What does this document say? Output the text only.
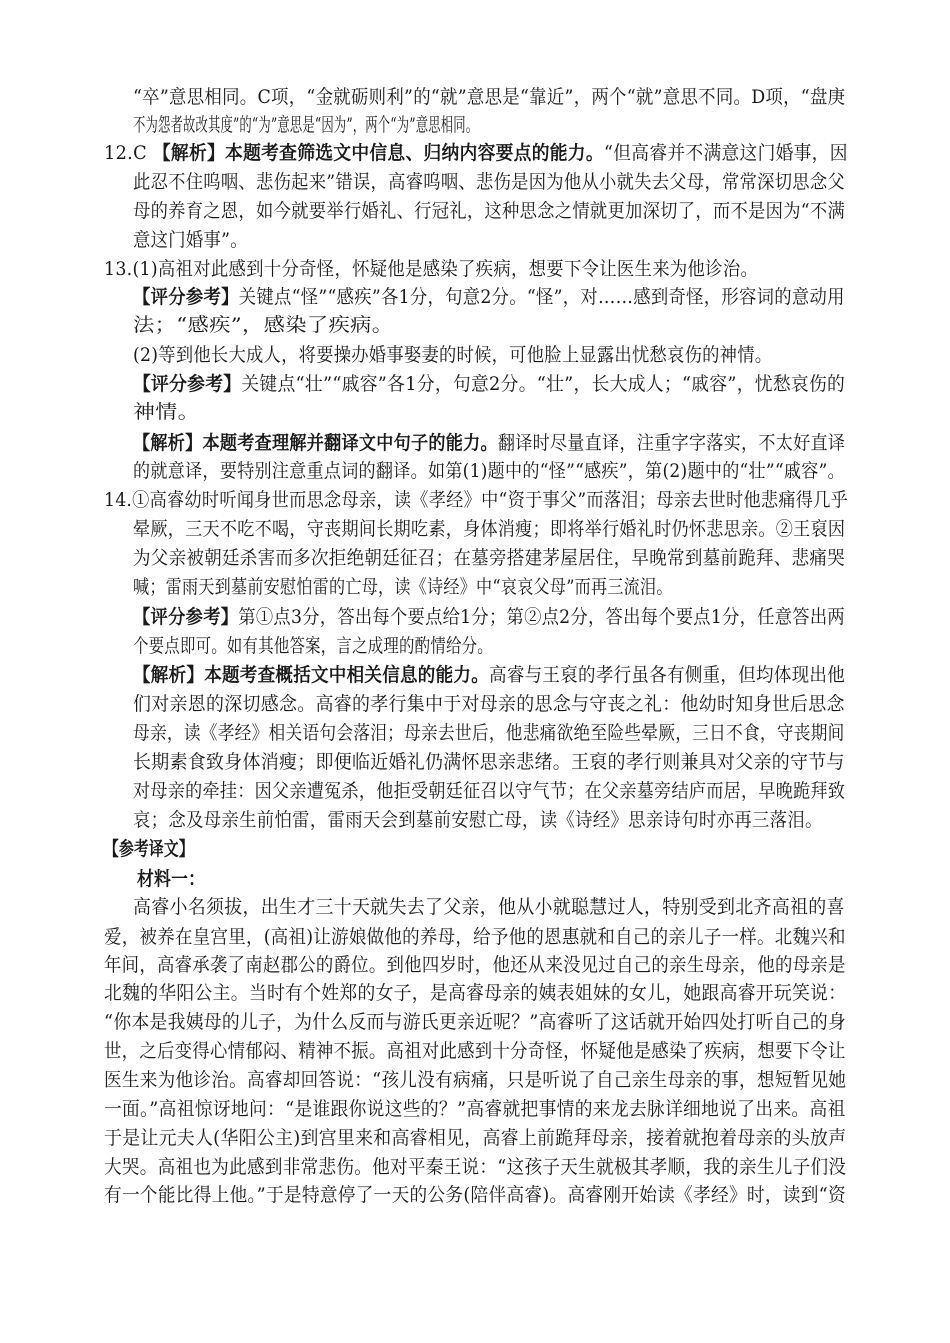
“卒”意思相同。C项，“金就砺则利”的“就”意思是“靠近”，两个“就”意思不同。D项，“盘庚
不为怨者故改其度”的“为”意思是“因为”，两个“为”意思相同。
12.C 【解析】本题考查筛选文中信息、归纳内容要点的能力。“但高睿并不满意这门婚事，因
此忍不住呜咽、悲伤起来”错误，高睿呜咽、悲伤是因为他从小就失去父母，常常深切思念父
母的养育之恩，如今就要举行婚礼、行冠礼，这种思念之情就更加深切了，而不是因为“不满
意这门婚事”。
13.(1)高祖对此感到十分奇怪，怀疑他是感染了疾病，想要下令让医生来为他诊治。
【评分参考】关键点“怪”“感疾”各1分，句意2分。“怪”，对……感到奇怪，形容词的意动用
法；“感疾”，感染了疾病。
(2)等到他长大成人，将要操办婚事娶妻的时候，可他脸上显露出忧愁哀伤的神情。
【评分参考】关键点“壮”“戚容”各1分，句意2分。“壮”，长大成人；“戚容”，忧愁哀伤的
神情。
【解析】本题考查理解并翻译文中句子的能力。翻译时尽量直译，注重字字落实，不太好直译
的就意译，要特别注意重点词的翻译。如第(1)题中的“怪”“感疾”，第(2)题中的“壮”“戚容”。
14.①高睿幼时听闻身世而思念母亲，读《孝经》中“资于事父”而落泪；母亲去世时他悲痛得几乎
晕厥，三天不吃不喝，守丧期间长期吃素，身体消瘦；即将举行婚礼时仍怀悲思亲。②王裒因
为父亲被朝廷杀害而多次拒绝朝廷征召；在墓旁搭建茅屋居住，早晚常到墓前跪拜、悲痛哭
喊；雷雨天到墓前安慰怕雷的亡母，读《诗经》中“哀哀父母”而再三流泪。
【评分参考】第①点3分，答出每个要点给1分；第②点2分，答出每个要点1分，任意答出两
个要点即可。如有其他答案，言之成理的酌情给分。
【解析】本题考查概括文中相关信息的能力。高睿与王裒的孝行虽各有侧重，但均体现出他
们对亲恩的深切感念。高睿的孝行集中于对母亲的思念与守丧之礼：他幼时知身世后思念
母亲，读《孝经》相关语句会落泪；母亲去世后，他悲痛欲绝至险些晕厥，三日不食，守丧期间
长期素食致身体消瘦；即便临近婚礼仍满怀思亲悲绪。王裒的孝行则兼具对父亲的守节与
对母亲的牵挂：因父亲遭冤杀，他拒受朝廷征召以守气节；在父亲墓旁结庐而居，早晚跪拜致
哀；念及母亲生前怕雷，雷雨天会到墓前安慰亡母，读《诗经》思亲诗句时亦再三落泪。
【参考译文】
材料一：
高睿小名须拔，出生才三十天就失去了父亲，他从小就聪慧过人，特别受到北齐高祖的喜
爱，被养在皇宫里，(高祖)让游娘做他的养母，给予他的恩惠就和自己的亲儿子一样。北魏兴和
年间，高睿承袭了南赵郡公的爵位。到他四岁时，他还从来没见过自己的亲生母亲，他的母亲是
北魏的华阳公主。当时有个姓郑的女子，是高睿母亲的姨表姐妹的女儿，她跟高睿开玩笑说：
“你本是我姨母的儿子，为什么反而与游氏更亲近呢？”高睿听了这话就开始四处打听自己的身
世，之后变得心情郁闷、精神不振。高祖对此感到十分奇怪，怀疑他是感染了疾病，想要下令让
医生来为他诊治。高睿却回答说：“孩儿没有病痛，只是听说了自己亲生母亲的事，想短暂见她
一面。”高祖惊讶地问：“是谁跟你说这些的？”高睿就把事情的来龙去脉详细地说了出来。高祖
于是让元夫人(华阳公主)到宫里来和高睿相见，高睿上前跪拜母亲，接着就抱着母亲的头放声
大哭。高祖也为此感到非常悲伤。他对平秦王说：“这孩子天生就极其孝顺，我的亲生儿子们没
有一个能比得上他。”于是特意停了一天的公务(陪伴高睿)。高睿刚开始读《孝经》时，读到“资
